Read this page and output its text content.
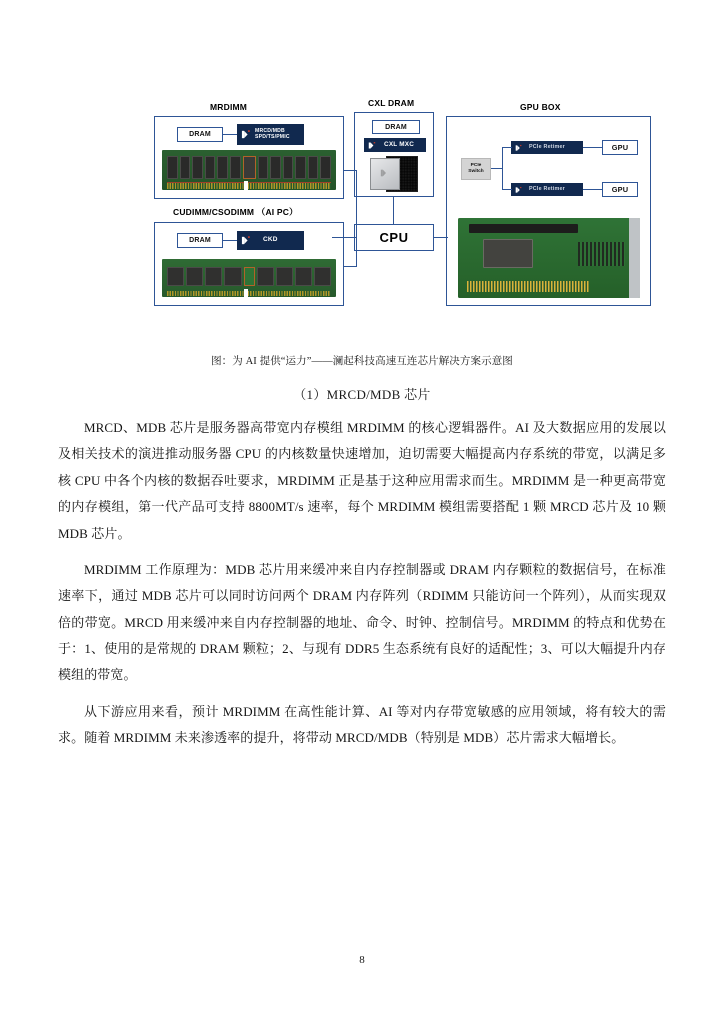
MRDIMM
DRAM	MRCD/MDB
SPD/TS/PMIC
CUDIMM/CSODIMM （AI PC）
DRAM	CKD
CXL DRAM
DRAM
CXL MXC
CPU
GPU BOX
PCIe
Switch
PCIe Retimer
PCIe Retimer
GPU
GPU
图：为 AI 提供“运力”——澜起科技高速互连芯片解决方案示意图
（1）MRCD/MDB 芯片

MRCD、MDB 芯片是服务器高带宽内存模组 MRDIMM 的核心逻辑器件。AI 及大数据应用的发展以及相关技术的演进推动服务器 CPU 的内核数量快速增加，迫切需要大幅提高内存系统的带宽，以满足多核 CPU 中各个内核的数据吞吐要求，MRDIMM 正是基于这种应用需求而生。MRDIMM 是一种更高带宽的内存模组，第一代产品可支持 8800MT/s 速率，每个 MRDIMM 模组需要搭配 1 颗 MRCD 芯片及 10 颗 MDB 芯片。

MRDIMM 工作原理为：MDB 芯片用来缓冲来自内存控制器或 DRAM 内存颗粒的数据信号，在标准速率下，通过 MDB 芯片可以同时访问两个 DRAM 内存阵列（RDIMM 只能访问一个阵列），从而实现双倍的带宽。MRCD 用来缓冲来自内存控制器的地址、命令、时钟、控制信号。MRDIMM 的特点和优势在于：1、使用的是常规的 DRAM 颗粒；2、与现有 DDR5 生态系统有良好的适配性；3、可以大幅提升内存模组的带宽。

从下游应用来看，预计 MRDIMM 在高性能计算、AI 等对内存带宽敏感的应用领域，将有较大的需求。随着 MRDIMM 未来渗透率的提升，将带动 MRCD/MDB（特别是 MDB）芯片需求大幅增长。

8
